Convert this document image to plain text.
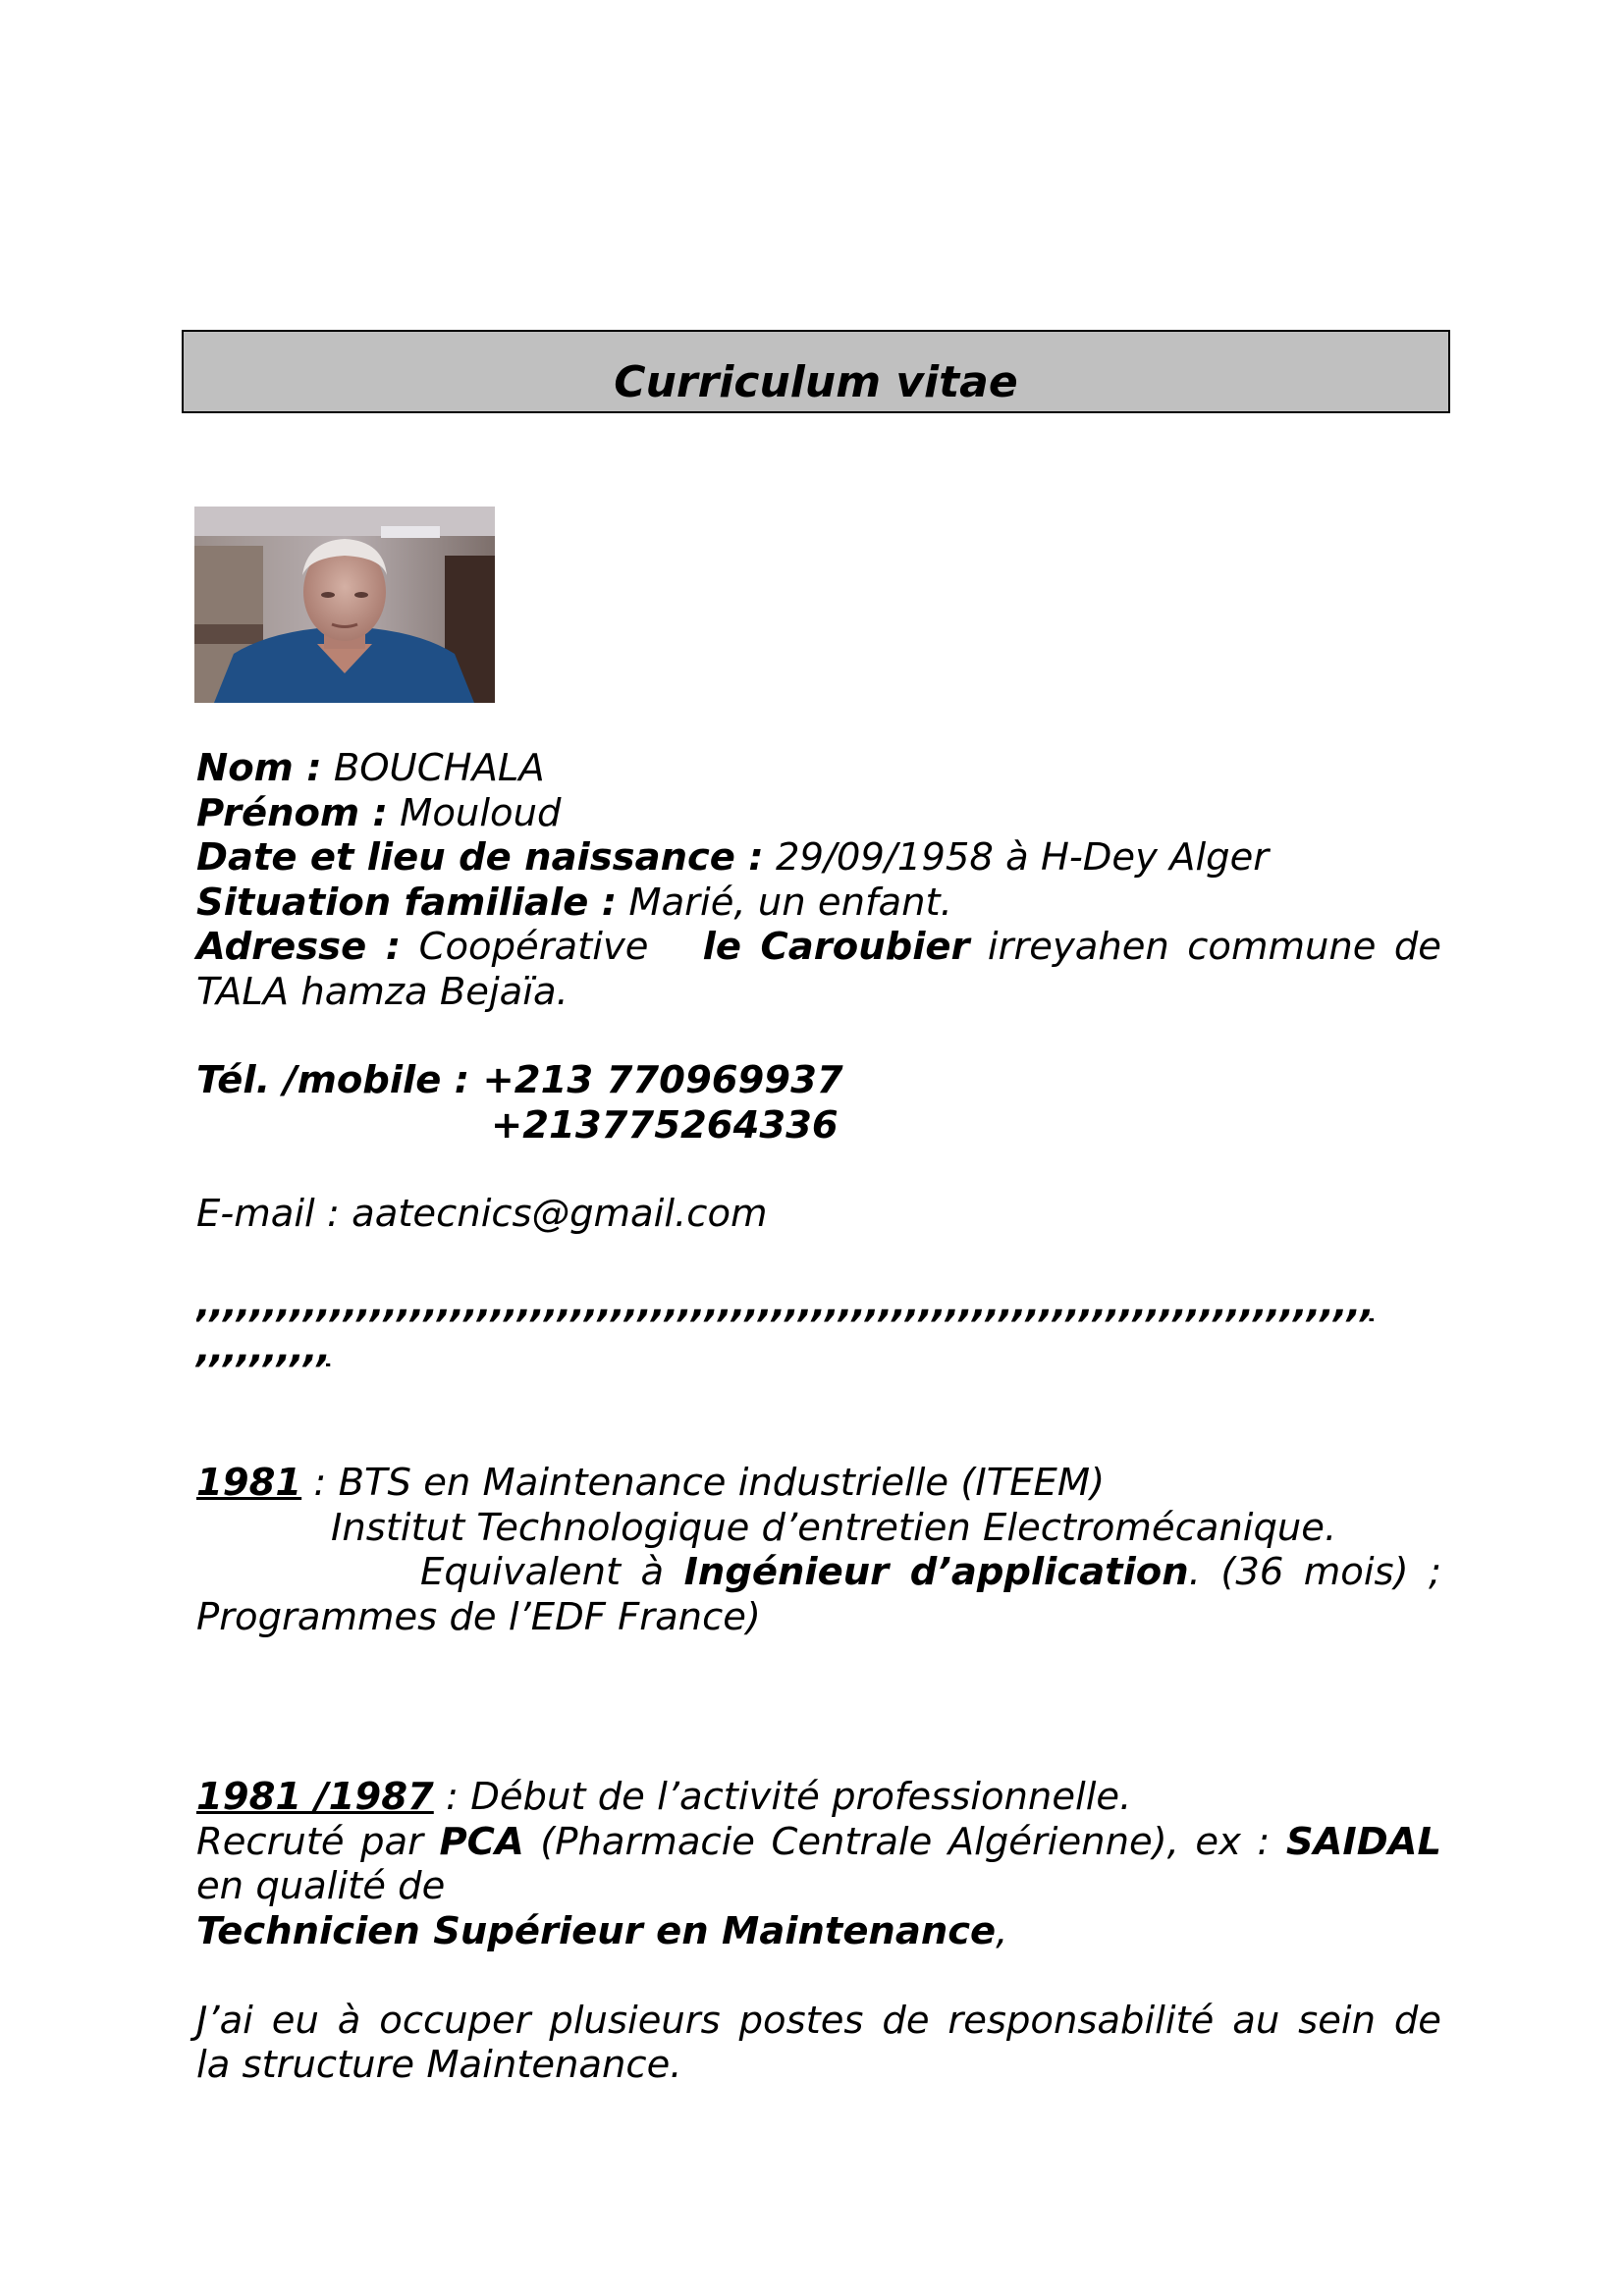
Curriculum vitae
Nom : BOUCHALA
Prénom : Mouloud
Date et lieu de naissance : 29/09/1958 à H-Dey Alger
Situation familiale : Marié, un enfant.
Adresse : Coopérative le Caroubier irreyahen commune de
TALA hamza Bejaïa.
Tél. /mobile : +213 770969937
+213775264336
E-mail : aatecnics@gmail.com
,,,,,,,,,,,,,,,,,,,,,,,,,,,,,,,,,,,,,,,,,,,,,,,,,,,,,,,,,,,,,,,,,,,,,,,,,,,,,,,,,,,,,,,,
,,,,,,,,,,
1981 : BTS en Maintenance industrielle (ITEEM)
Institut Technologique d’entretien Electromécanique.
Equivalent à Ingénieur d’application. (36 mois) ;
Programmes de l’EDF France)
1981 /1987 : Début de l’activité professionnelle.
Recruté par PCA (Pharmacie Centrale Algérienne), ex : SAIDAL
en qualité de
Technicien Supérieur en Maintenance,

J’ai eu à occuper plusieurs postes de responsabilité au sein de
la structure Maintenance.
